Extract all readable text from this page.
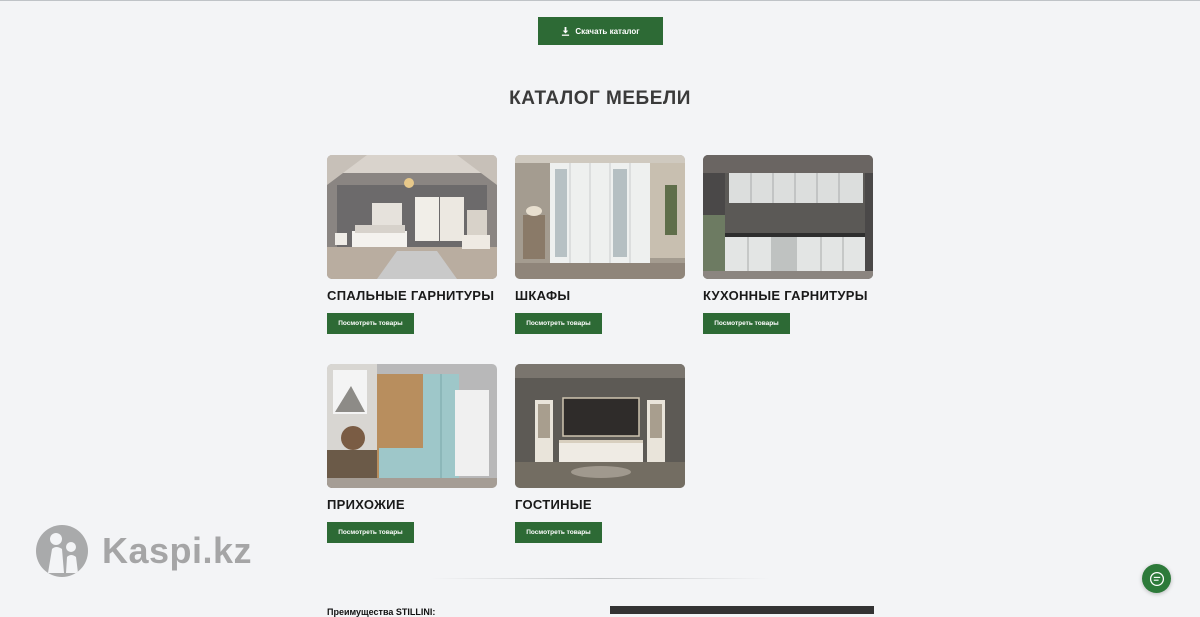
Скачать каталог
КАТАЛОГ МЕБЕЛИ
СПАЛЬНЫЕ ГАРНИТУРЫ
Посмотреть товары
ШКАФЫ
Посмотреть товары
КУХОННЫЕ ГАРНИТУРЫ
Посмотреть товары
ПРИХОЖИЕ
Посмотреть товары
ГОСТИНЫЕ
Посмотреть товары
Преимущества STILLINI:
Kaspi.kz
